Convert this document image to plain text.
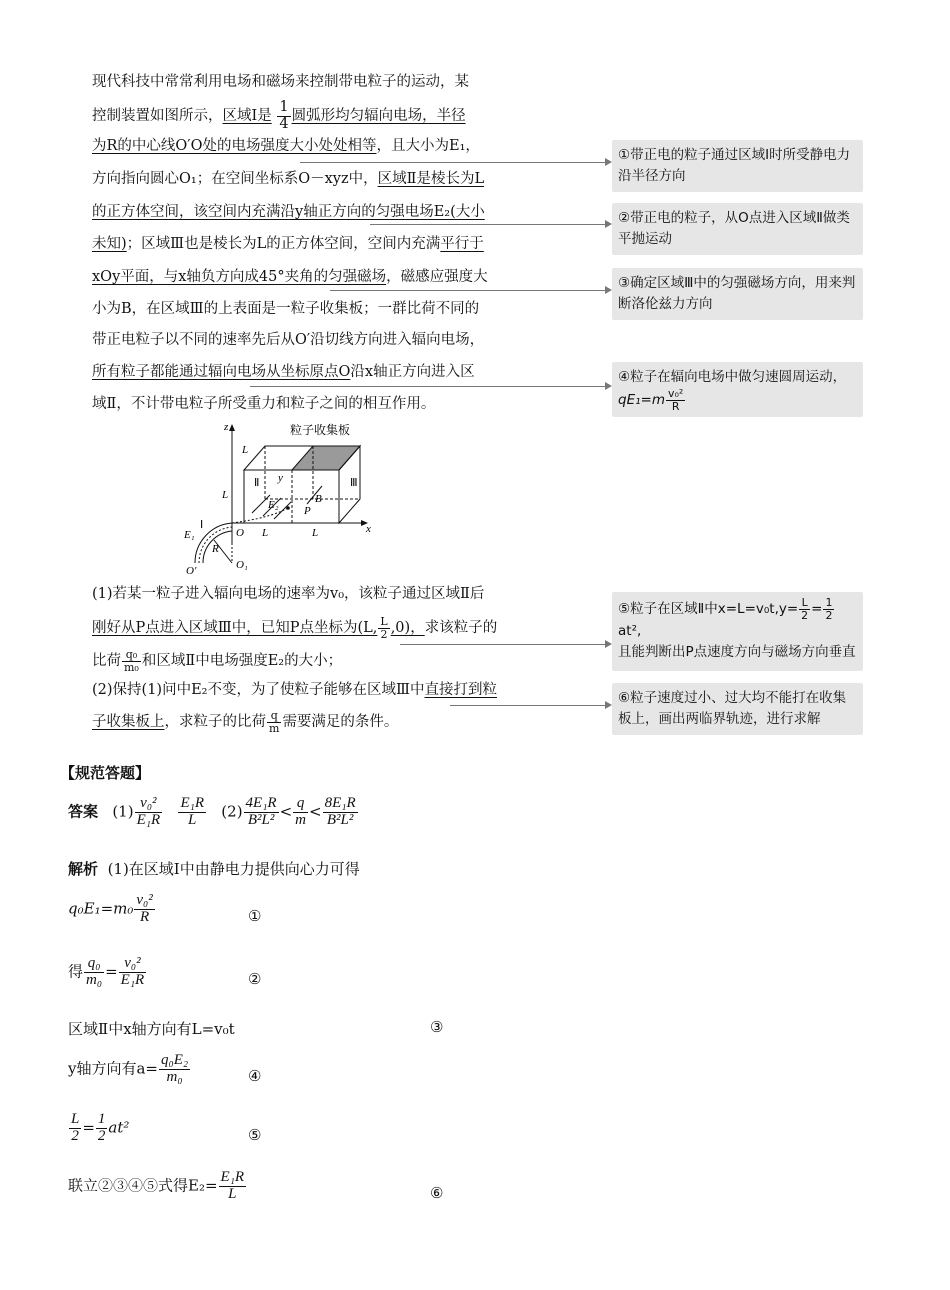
现代科技中常常利用电场和磁场来控制带电粒子的运动，某
控制装置如图所示，区域Ⅰ是 $\frac{1}{4}$ 圆弧形均匀辐向电场，半径
为R的中心线O′O处的电场强度大小处处相等，且大小为E₁，
方向指向圆心O₁；在空间坐标系O－xyz中，区域Ⅱ是棱长为L
的正方体空间，该空间内充满沿y轴正方向的匀强电场E₂(大小
未知)；区域Ⅲ也是棱长为L的正方体空间，空间内充满平行于
xOy平面，与x轴负方向成45°夹角的匀强磁场，磁感应强度大
小为B，在区域Ⅲ的上表面是一粒子收集板；一群比荷不同的
带正电粒子以不同的速率先后从O′沿切线方向进入辐向电场，
所有粒子都能通过辐向电场从坐标原点O沿x轴正方向进入区
域Ⅱ，不计带电粒子所受重力和粒子之间的相互作用。
①带正电的粒子通过区域Ⅰ时所受静电力沿半径方向
②带正电的粒子，从O点进入区域Ⅱ做类平抛运动
③确定区域Ⅲ中的匀强磁场方向，用来判断洛伦兹力方向
④粒子在辐向电场中做匀速圆周运动，
$qE_1=m \frac{\text{v₀²}}{R}$
⑤粒子在区域Ⅱ中$x=L=v_0t,y= \frac{L}{2} = \frac{1}{2}$
at²,
且能判断出P点速度方向与磁场方向垂直
⑥粒子速度过小、过大均不能打在收集板上，画出两临界轨迹，进行求解
粒子收集板
z
x
y
L
L
L	L
Ⅱ	Ⅲ
Ⅰ
E₁
E₂	B
P
O
O′	O₁
R
(1)若某一粒子进入辐向电场的速率为v₀，该粒子通过区域Ⅱ后
刚好从P点进入区域Ⅲ中，已知P点坐标为(L, $\frac{L}{2} ,0$)，求该粒子的
比荷 $\frac{\text{q₀}}{\text{m₀}}$ 和区域Ⅱ中电场强度E₂的大小；
(2)保持(1)问中E₂不变，为了使粒子能够在区域Ⅲ中直接打到粒
子收集板上，求粒子的比荷 $\frac{q}{m}$ 需要满足的条件。
【规范答题】
答案 $(1) \frac{\text{v₀²}}{\text{E₁R}}$
$\frac{\text{E₁R}}{L} (2) \frac{\text{4E₁R}}{\text{B²L²}} < \frac{q}{m} < \frac{\text{8E₁R}}{\text{B²L²}}$
解析 (1)在区域Ⅰ中由静电力提供向心力可得
$q_0E_1=m_0 \frac{\text{v₀²}}{R}$	①
得 $\frac{\text{q₀}}{\text{m₀}} = \frac{\text{v₀²}}{\text{E₁R}}$	②
区域Ⅱ中x轴方向有L=v₀t	③
y轴方向有$a= \frac{\text{q₀E₂}}{\text{m₀}}$	④
$\frac{L}{2} = \frac{1}{2} at^2$	⑤
联立②③④⑤式得$E_2= \frac{\text{E₁R}}{L}$	⑥
